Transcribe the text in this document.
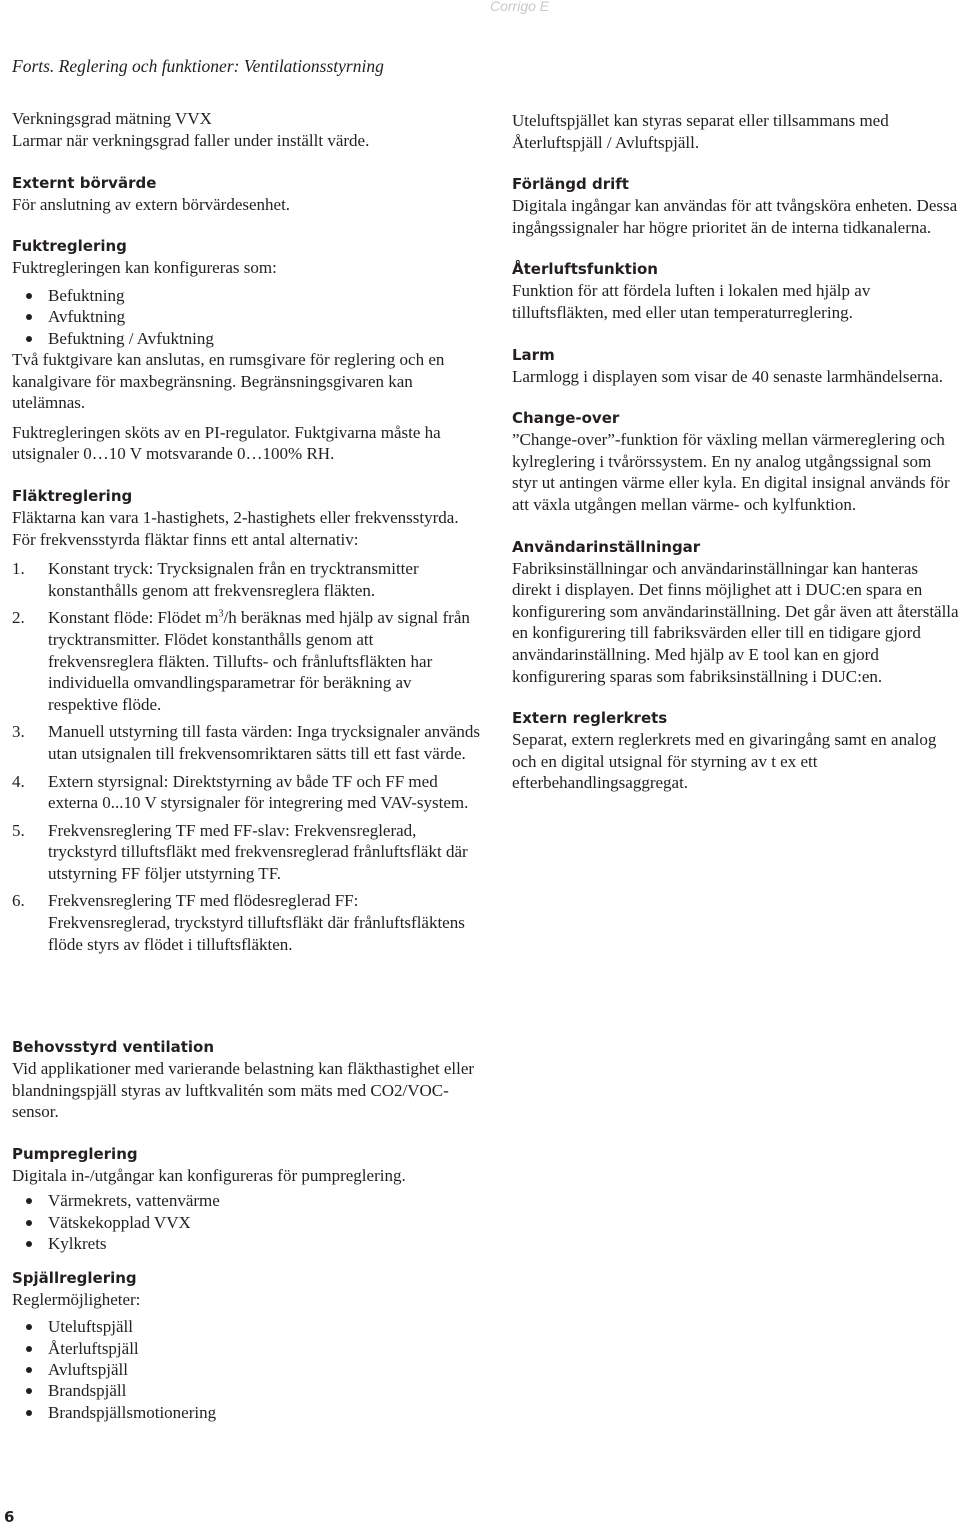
Corrigo E
Forts. Reglering och funktioner: Ventilationsstyrning
Verkningsgrad mätning VVX

Larmar när verkningsgrad faller under inställt värde.

Externt börvärde

För anslutning av extern börvärdesenhet.

Fuktreglering

Fuktregleringen kan konfigureras som:

Befuktning
Avfuktning
Befuktning / Avfuktning

Två fuktgivare kan anslutas, en rumsgivare för reglering och en kanalgivare för maxbegränsning. Begränsningsgivaren kan utelämnas.

Fuktregleringen sköts av en PI-regulator. Fuktgivarna måste ha utsignaler 0…10 V motsvarande 0…100% RH.

Fläktreglering

Fläktarna kan vara 1-hastighets, 2-hastighets eller frekvensstyrda. För frekvensstyrda fläktar finns ett antal alternativ:

1. Konstant tryck: Trycksignalen från en trycktransmitter konstanthålls genom att frekvensreglera fläkten.
2. Konstant flöde: Flödet $m^3/h$ beräknas med hjälp av signal från trycktransmitter. Flödet konstanthålls genom att frekvensreglera fläkten. Tillufts- och frånluftsfläkten har individuella omvandlingsparametrar för beräkning av respektive flöde.
3. Manuell utstyrning till fasta värden: Inga trycksignaler används utan utsignalen till frekvensomriktaren sätts till ett fast värde.
4. Extern styrsignal: Direktstyrning av både TF och FF med externa 0...10 V styrsignaler för integrering med VAV-system.
5. Frekvensreglering TF med FF-slav: Frekvensreglerad, tryckstyrd tilluftsfläkt med frekvensreglerad frånluftsfläkt där utstyrning FF följer utstyrning TF.
6. Frekvensreglering TF med flödesreglerad FF: Frekvensreglerad, tryckstyrd tilluftsfläkt där frånluftsfläktens flöde styrs av flödet i tilluftsfläkten.
Behovsstyrd ventilation

Vid applikationer med varierande belastning kan fläkthastighet eller blandningspjäll styras av luftkvalitén som mäts med CO2/VOC-sensor.

Pumpreglering

Digitala in-/utgångar kan konfigureras för pumpreglering.

Värmekrets, vattenvärme
Vätskekopplad VVX
Kylkrets
Spjällreglering

Reglermöjligheter:

Uteluftspjäll
Återluftspjäll
Avluftspjäll
Brandspjäll
Brandspjällsmotionering

Uteluftspjället kan styras separat eller tillsammans med Återluftspjäll / Avluftspjäll.

Förlängd drift

Digitala ingångar kan användas för att tvångsköra enheten. Dessa ingångssignaler har högre prioritet än de interna tidkanalerna.

Återluftsfunktion

Funktion för att fördela luften i lokalen med hjälp av tilluftsfläkten, med eller utan temperaturreglering.

Larm

Larmlogg i displayen som visar de 40 senaste larmhändelserna.

Change-over

”Change-over”-funktion för växling mellan värmereglering och kylreglering i tvårörssystem. En ny analog utgångssignal som styr ut antingen värme eller kyla. En digital insignal används för att växla utgången mellan värme- och kylfunktion.

Användarinställningar

Fabriksinställningar och användarinställningar kan hanteras direkt i displayen. Det finns möjlighet att i DUC:en spara en konfigurering som användarinställning. Det går även att återställa en konfigurering till fabriksvärden eller till en tidigare gjord användarinställning. Med hjälp av E tool kan en gjord konfigurering sparas som fabriksinställning i DUC:en.

Extern reglerkrets

Separat, extern reglerkrets med en givaringång samt en analog och en digital utsignal för styrning av t ex ett efterbehandlingsaggregat.

6
